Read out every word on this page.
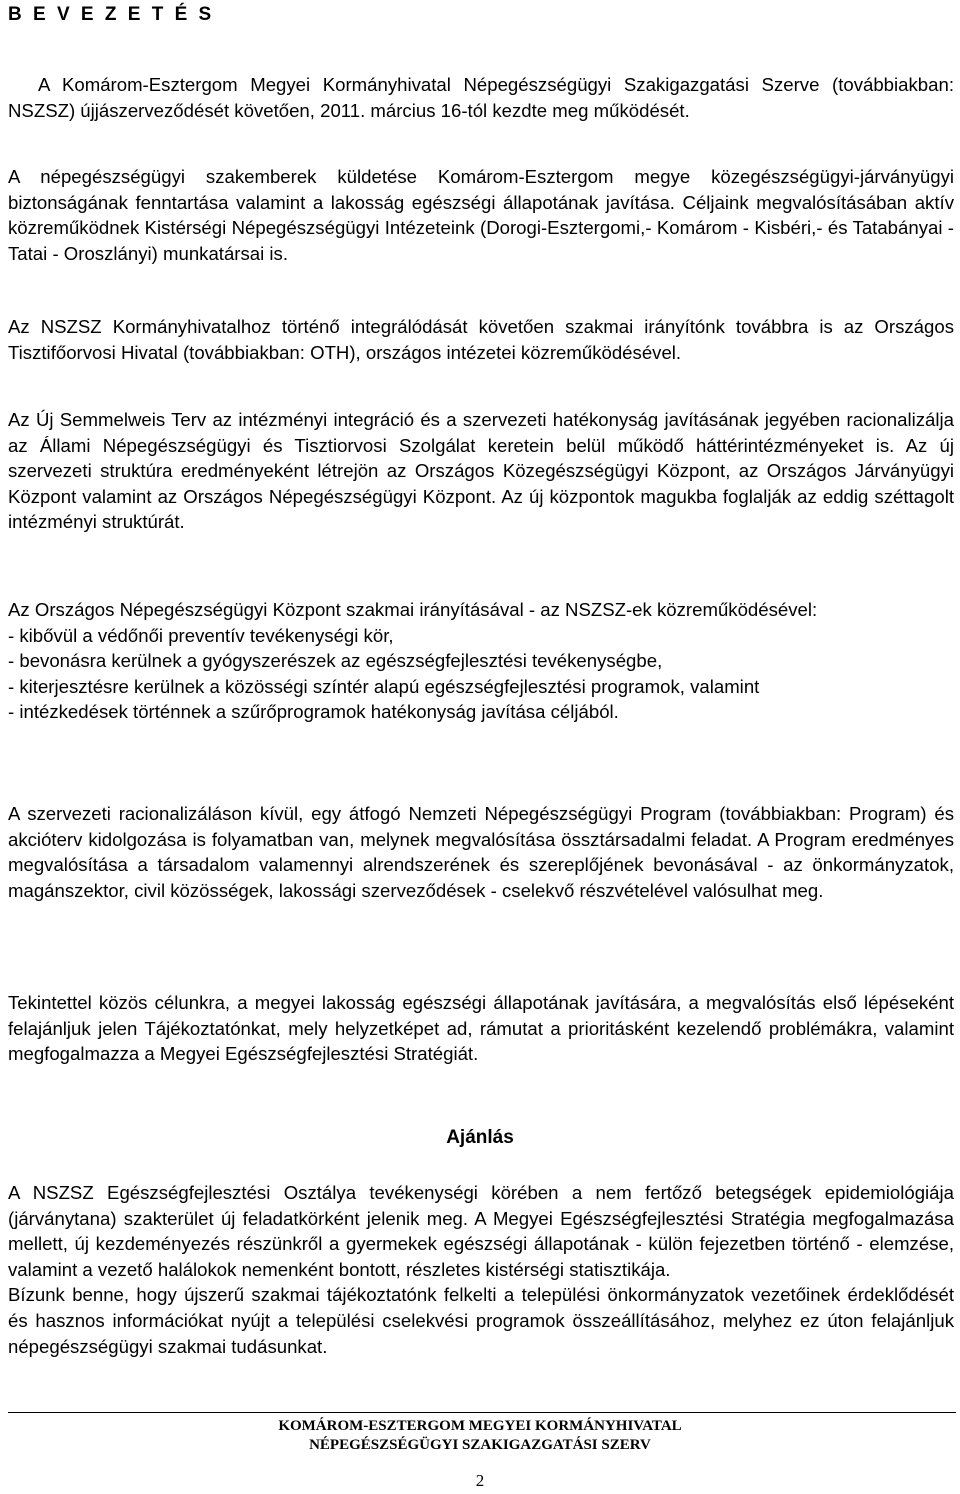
B E V E Z E T É S

A Komárom-Esztergom Megyei Kormányhivatal Népegészségügyi Szakigazgatási Szerve (továbbiakban: NSZSZ) újjászerveződését követően, 2011. március 16-tól kezdte meg működését.

A népegészségügyi szakemberek küldetése Komárom-Esztergom megye közegészségügyi-járványügyi biztonságának fenntartása valamint a lakosság egészségi állapotának javítása. Céljaink megvalósításában aktív közreműködnek Kistérségi Népegészségügyi Intézeteink (Dorogi-Esztergomi,- Komárom - Kisbéri,- és Tatabányai - Tatai - Oroszlányi) munkatársai is.

Az NSZSZ Kormányhivatalhoz történő integrálódását követően szakmai irányítónk továbbra is az Országos Tisztifőorvosi Hivatal (továbbiakban: OTH), országos intézetei közreműködésével.

Az Új Semmelweis Terv az intézményi integráció és a szervezeti hatékonyság javításának jegyében racionalizálja az Állami Népegészségügyi és Tisztiorvosi Szolgálat keretein belül működő háttérintézményeket is. Az új szervezeti struktúra eredményeként létrejön az Országos Közegészségügyi Központ, az Országos Járványügyi Központ valamint az Országos Népegészségügyi Központ. Az új központok magukba foglalják az eddig széttagolt intézményi struktúrát.

Az Országos Népegészségügyi Központ szakmai irányításával - az NSZSZ-ek közreműködésével:

- kibővül a védőnői preventív tevékenységi kör,

- bevonásra kerülnek a gyógyszerészek az egészségfejlesztési tevékenységbe,

- kiterjesztésre kerülnek a közösségi színtér alapú egészségfejlesztési programok, valamint

- intézkedések történnek a szűrőprogramok hatékonyság javítása céljából.

A szervezeti racionalizáláson kívül, egy átfogó Nemzeti Népegészségügyi Program (továbbiakban: Program) és akcióterv kidolgozása is folyamatban van, melynek megvalósítása össztársadalmi feladat. A Program eredményes megvalósítása a társadalom valamennyi alrendszerének és szereplőjének bevonásával - az önkormányzatok, magánszektor, civil közösségek, lakossági szerveződések - cselekvő részvételével valósulhat meg.

Tekintettel közös célunkra, a megyei lakosság egészségi állapotának javítására, a megvalósítás első lépéseként felajánljuk jelen Tájékoztatónkat, mely helyzetképet ad, rámutat a prioritásként kezelendő problémákra, valamint megfogalmazza a Megyei Egészségfejlesztési Stratégiát.

Ajánlás

A NSZSZ Egészségfejlesztési Osztálya tevékenységi körében a nem fertőző betegségek epidemiológiája (járványtana) szakterület új feladatkörként jelenik meg. A Megyei Egészségfejlesztési Stratégia megfogalmazása mellett, új kezdeményezés részünkről a gyermekek egészségi állapotának - külön fejezetben történő - elemzése, valamint a vezető halálokok nemenként bontott, részletes kistérségi statisztikája.

Bízunk benne, hogy újszerű szakmai tájékoztatónk felkelti a települési önkormányzatok vezetőinek érdeklődését és hasznos információkat nyújt a települési cselekvési programok összeállításához, melyhez ez úton felajánljuk népegészségügyi szakmai tudásunkat.

KOMÁROM-ESZTERGOM MEGYEI KORMÁNYHIVATAL
NÉPEGÉSZSÉGÜGYI SZAKIGAZGATÁSI SZERV
2
